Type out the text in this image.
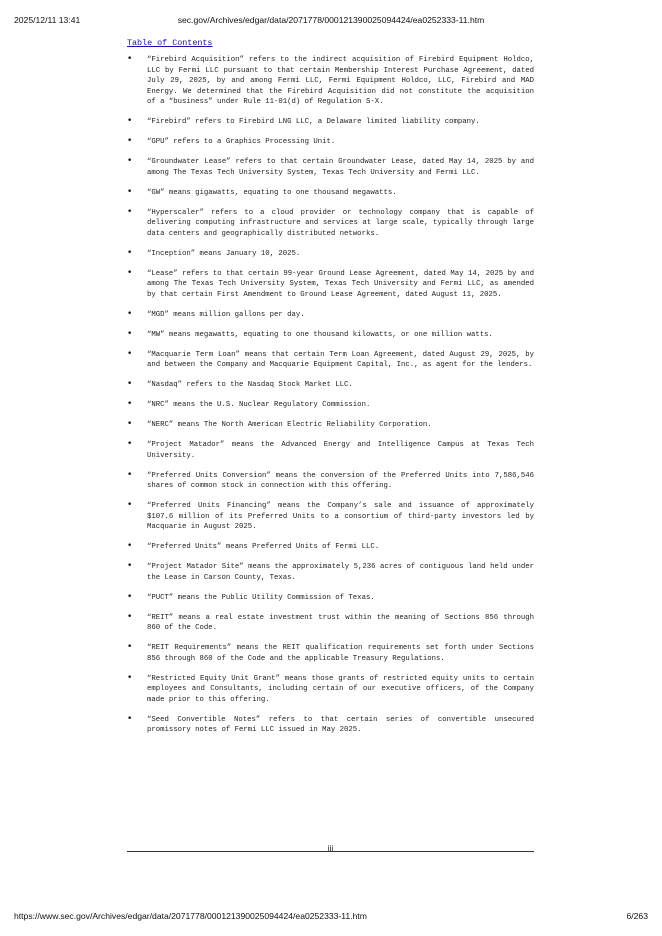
2025/12/11 13:41	sec.gov/Archives/edgar/data/2071778/000121390025094424/ea0252333-11.htm
Table of Contents
• “Firebird Acquisition” refers to the indirect acquisition of Firebird Equipment Holdco, LLC by Fermi LLC pursuant to that certain Membership Interest Purchase Agreement, dated July 29, 2025, by and among Fermi LLC, Fermi Equipment Holdco, LLC, Firebird and MAD Energy. We determined that the Firebird Acquisition did not constitute the acquisition of a “business” under Rule 11-01(d) of Regulation S-X.
• “Firebird” refers to Firebird LNG LLC, a Delaware limited liability company.
• “GPU” refers to a Graphics Processing Unit.
• “Groundwater Lease” refers to that certain Groundwater Lease, dated May 14, 2025 by and among The Texas Tech University System, Texas Tech University and Fermi LLC.
• “GW” means gigawatts, equating to one thousand megawatts.
• “Hyperscaler” refers to a cloud provider or technology company that is capable of delivering computing infrastructure and services at large scale, typically through large data centers and geographically distributed networks.
• “Inception” means January 10, 2025.
• “Lease” refers to that certain 99-year Ground Lease Agreement, dated May 14, 2025 by and among The Texas Tech University System, Texas Tech University and Fermi LLC, as amended by that certain First Amendment to Ground Lease Agreement, dated August 11, 2025.
• “MGD” means million gallons per day.
• “MW” means megawatts, equating to one thousand kilowatts, or one million watts.
• “Macquarie Term Loan” means that certain Term Loan Agreement, dated August 29, 2025, by and between the Company and Macquarie Equipment Capital, Inc., as agent for the lenders.
• “Nasdaq” refers to the Nasdaq Stock Market LLC.
• “NRC” means the U.S. Nuclear Regulatory Commission.
• “NERC” means The North American Electric Reliability Corporation.
• “Project Matador” means the Advanced Energy and Intelligence Campus at Texas Tech University.
• “Preferred Units Conversion” means the conversion of the Preferred Units into 7,586,546 shares of common stock in connection with this offering.
• “Preferred Units Financing” means the Company’s sale and issuance of approximately $107.6 million of its Preferred Units to a consortium of third-party investors led by Macquarie in August 2025.
• “Preferred Units” means Preferred Units of Fermi LLC.
• “Project Matador Site” means the approximately 5,236 acres of contiguous land held under the Lease in Carson County, Texas.
• “PUCT” means the Public Utility Commission of Texas.
• “REIT” means a real estate investment trust within the meaning of Sections 856 through 860 of the Code.
• “REIT Requirements” means the REIT qualification requirements set forth under Sections 856 through 860 of the Code and the applicable Treasury Regulations.
• “Restricted Equity Unit Grant” means those grants of restricted equity units to certain employees and Consultants, including certain of our executive officers, of the Company made prior to this offering.
• “Seed Convertible Notes” refers to that certain series of convertible unsecured promissory notes of Fermi LLC issued in May 2025.
iii
https://www.sec.gov/Archives/edgar/data/2071778/000121390025094424/ea0252333-11.htm	6/263
